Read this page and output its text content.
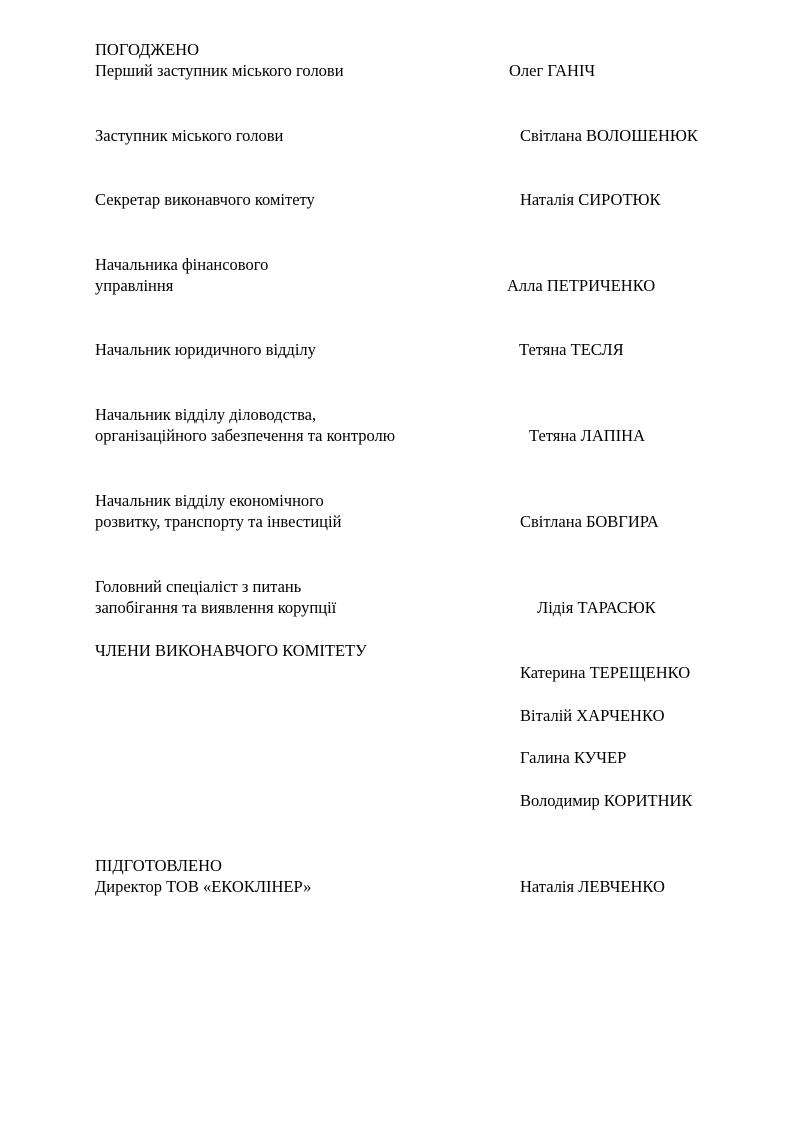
ПОГОДЖЕНО
Перший заступник міського голови	Олег ГАНІЧ
Заступник міського голови	Світлана ВОЛОШЕНЮК
Секретар виконавчого комітету	Наталія СИРОТЮК
Начальника фінансового
управління	Алла ПЕТРИЧЕНКО
Начальник юридичного відділу	Тетяна ТЕСЛЯ
Начальник відділу діловодства,
організаційного забезпечення та контролю	Тетяна ЛАПІНА
Начальник відділу економічного
розвитку, транспорту та інвестицій	Світлана БОВГИРА
Головний спеціаліст з питань
запобігання та виявлення корупції	Лідія ТАРАСЮК
ЧЛЕНИ ВИКОНАВЧОГО КОМІТЕТУ
Катерина ТЕРЕЩЕНКО
Віталій ХАРЧЕНКО
Галина КУЧЕР
Володимир КОРИТНИК
ПІДГОТОВЛЕНО
Директор ТОВ «ЕКОКЛІНЕР»	Наталія ЛЕВЧЕНКО
